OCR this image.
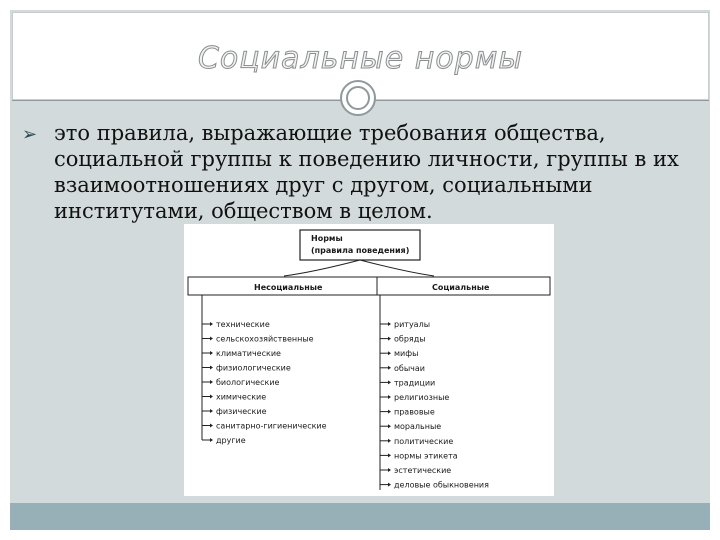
Социальные нормы
➢ это правила, выражающие требования общества, социальной группы к поведению личности, группы в их взаимоотношениях друг с другом, социальными институтами, обществом в целом.
Нормы
(правила поведения)
Несоциальные	Социальные
технические
сельскохозяйственные
климатические
физиологические
биологические
химические
физические
санитарно-гигиенические
другие
ритуалы
обряды
мифы
обычаи
традиции
религиозные
правовые
моральные
политические
нормы этикета
эстетические
деловые обыкновения
